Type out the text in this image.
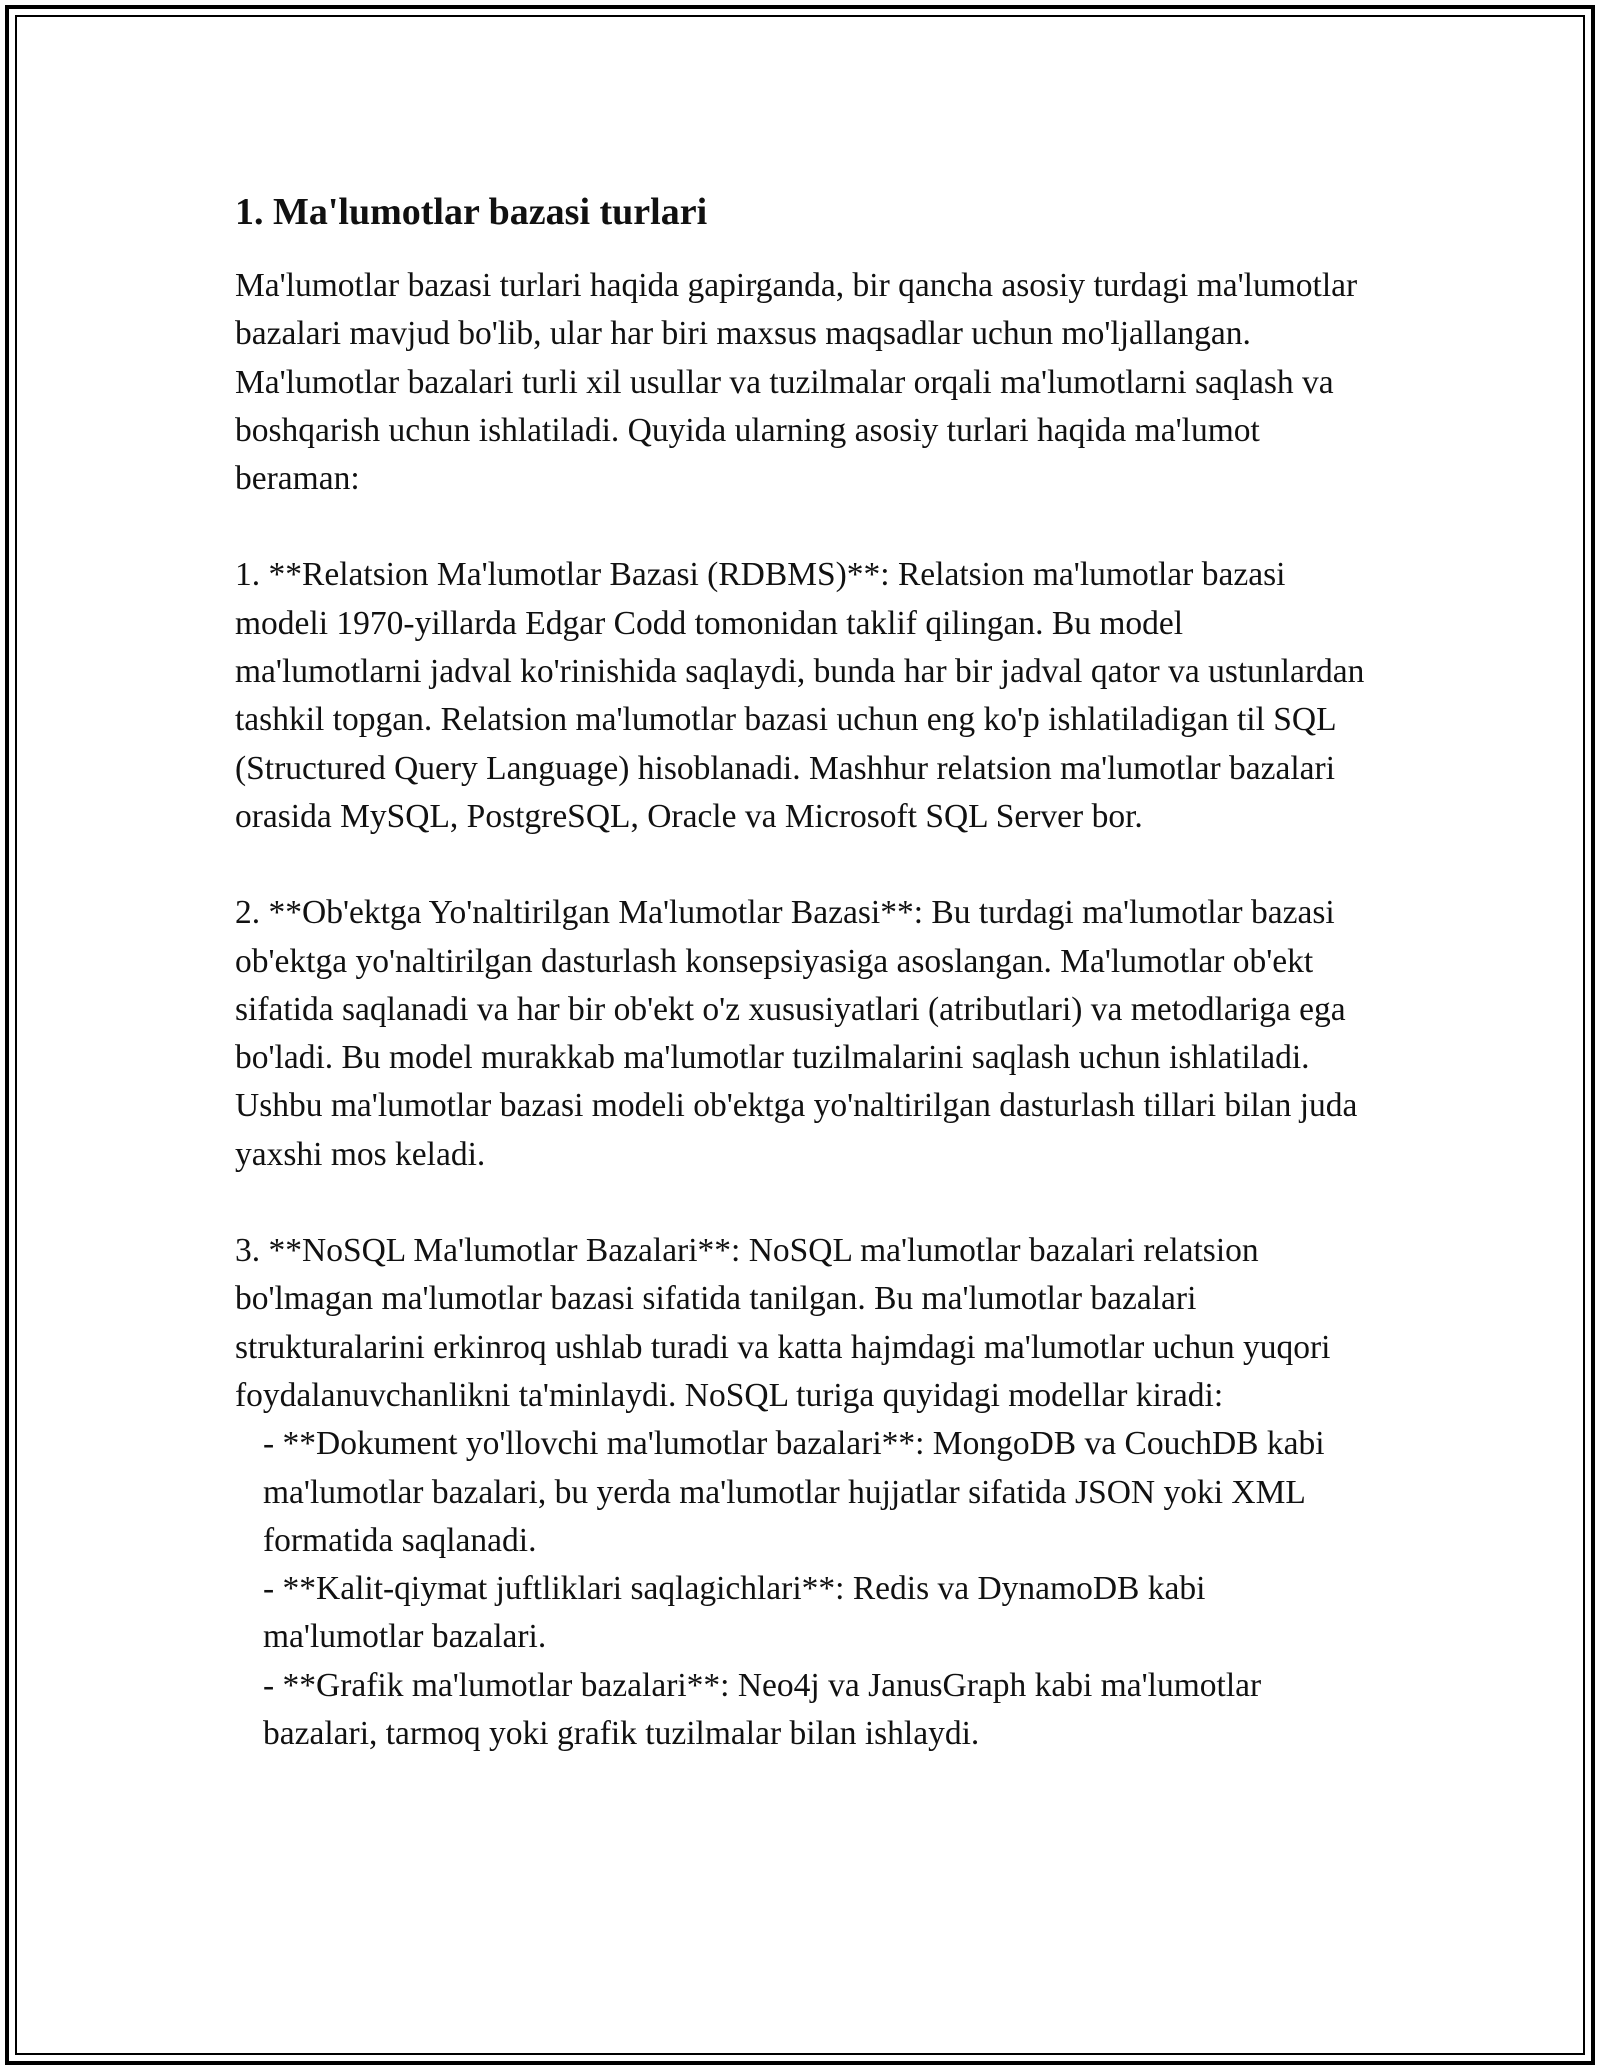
1. Ma'lumotlar bazasi turlari

Ma'lumotlar bazasi turlari haqida gapirganda, bir qancha asosiy turdagi ma'lumotlar bazalari mavjud bo'lib, ular har biri maxsus maqsadlar uchun mo'ljallangan. Ma'lumotlar bazalari turli xil usullar va tuzilmalar orqali ma'lumotlarni saqlash va boshqarish uchun ishlatiladi. Quyida ularning asosiy turlari haqida ma'lumot beraman:

1. **Relatsion Ma'lumotlar Bazasi (RDBMS)**: Relatsion ma'lumotlar bazasi modeli 1970-yillarda Edgar Codd tomonidan taklif qilingan. Bu model ma'lumotlarni jadval ko'rinishida saqlaydi, bunda har bir jadval qator va ustunlardan tashkil topgan. Relatsion ma'lumotlar bazasi uchun eng ko'p ishlatiladigan til SQL (Structured Query Language) hisoblanadi. Mashhur relatsion ma'lumotlar bazalari orasida MySQL, PostgreSQL, Oracle va Microsoft SQL Server bor.

2. **Ob'ektga Yo'naltirilgan Ma'lumotlar Bazasi**: Bu turdagi ma'lumotlar bazasi ob'ektga yo'naltirilgan dasturlash konsepsiyasiga asoslangan. Ma'lumotlar ob'ekt sifatida saqlanadi va har bir ob'ekt o'z xususiyatlari (atributlari) va metodlariga ega bo'ladi. Bu model murakkab ma'lumotlar tuzilmalarini saqlash uchun ishlatiladi. Ushbu ma'lumotlar bazasi modeli ob'ektga yo'naltirilgan dasturlash tillari bilan juda yaxshi mos keladi.

3. **NoSQL Ma'lumotlar Bazalari**: NoSQL ma'lumotlar bazalari relatsion bo'lmagan ma'lumotlar bazasi sifatida tanilgan. Bu ma'lumotlar bazalari strukturalarini erkinroq ushlab turadi va katta hajmdagi ma'lumotlar uchun yuqori foydalanuvchanlikni ta'minlaydi. NoSQL turiga quyidagi modellar kiradi:
- **Dokument yo'llovchi ma'lumotlar bazalari**: MongoDB va CouchDB kabi ma'lumotlar bazalari, bu yerda ma'lumotlar hujjatlar sifatida JSON yoki XML formatida saqlanadi.
- **Kalit-qiymat juftliklari saqlagichlari**: Redis va DynamoDB kabi ma'lumotlar bazalari.
- **Grafik ma'lumotlar bazalari**: Neo4j va JanusGraph kabi ma'lumotlar bazalari, tarmoq yoki grafik tuzilmalar bilan ishlaydi.
